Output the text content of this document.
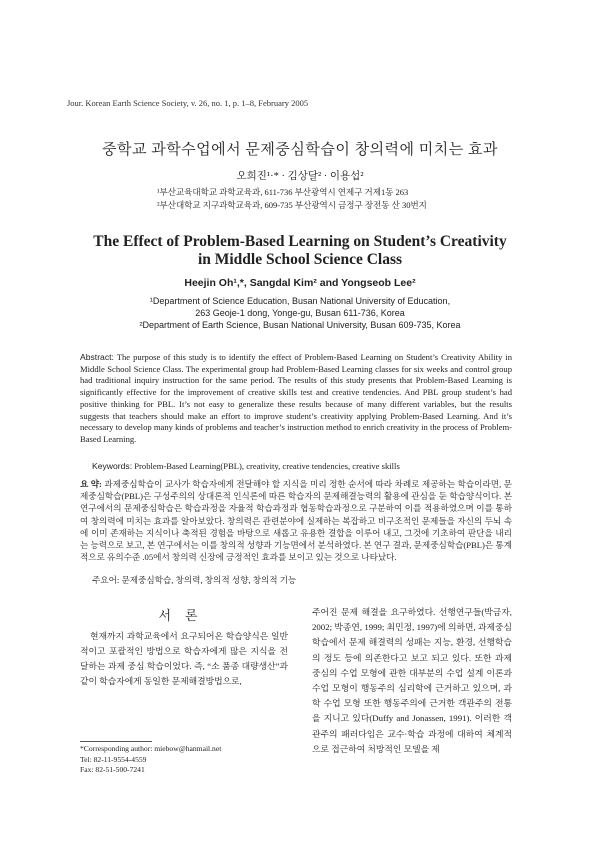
Jour. Korean Earth Science Society, v. 26, no. 1, p. 1–8, February 2005
중학교 과학수업에서 문제중심학습이 창의력에 미치는 효과
오희진¹·* · 김상달² · 이용섭²
¹부산교육대학교 과학교육과, 611-736 부산광역시 연제구 거제1동 263
²부산대학교 지구과학교육과, 609-735 부산광역시 금정구 장전동 산 30번지
The Effect of Problem-Based Learning on Student’s Creativity
in Middle School Science Class
Heejin Oh¹,*, Sangdal Kim² and Yongseob Lee²
¹Department of Science Education, Busan National University of Education,
263 Geoje-1 dong, Yonge-gu, Busan 611-736, Korea
²Department of Earth Science, Busan National University, Busan 609-735, Korea
Abstract: The purpose of this study is to identify the effect of Problem-Based Learning on Student’s Creativity Ability in Middle School Science Class. The experimental group had Problem-Based Learning classes for six weeks and control group had traditional inquiry instruction for the same period. The results of this study presents that Problem-Based Learning is significantly effective for the improvement of creative skills test and creative tendencies. And PBL group student’s had positive thinking for PBL. It’s not easy to generalize these results because of many different variables, but the results suggests that teachers should make an effort to improve student’s creativity applying Problem-Based Learning. And it’s necessary to develop many kinds of problems and teacher’s instruction method to enrich creativity in the process of Problem-Based Learning.
Keywords: Problem-Based Learning(PBL), creativity, creative tendencies, creative skills
요 약: 과제중심학습이 교사가 학습자에게 전달해야 할 지식을 미리 정한 순서에 따라 차례로 제공하는 학습이라면, 문제중심학습(PBL)은 구성주의의 상대론적 인식론에 따른 학습자의 문제해결능력의 활용에 관심을 둔 학습양식이다. 본 연구에서의 문제중심학습은 학습과정을 자율적 학습과정과 협동학습과정으로 구분하여 이를 적용하였으며 이를 통하여 창의력에 미치는 효과를 알아보았다. 창의력은 관련분야에 실제하는 복잡하고 비구조적인 문제들을 자신의 두뇌 속에 이미 존재하는 지식이나 축적된 경험을 바탕으로 새롭고 유용한 결합을 이루어 내고, 그것에 기초하여 판단을 내리는 능력으로 보고, 본 연구에서는 이를 창의적 성향과 기능면에서 분석하였다. 본 연구 결과, 문제중심학습(PBL)은 통계적으로 유의수준 .05에서 창의력 신장에 긍정적인 효과를 보이고 있는 것으로 나타났다.
주요어: 문제중심학습, 창의력, 창의적 성향, 창의적 기능
서론
현재까지 과학교육에서 요구되어온 학습양식은 일반적이고 포괄적인 방법으로 학습자에게 많은 지식을 전달하는 과제 중심 학습이었다. 즉, “소 품종 대량생산”과 같이 학습자에게 동일한 문제해결방법으로,
*Corresponding author: miebow@hanmail.net
Tel: 82-11-9554-4559
Fax: 82-51-500-7241
주어진 문제 해결을 요구하였다. 선행연구들(박금자, 2002; 박종연, 1999; 최민정, 1997)에 의하면, 과제중심 학습에서 문제 해결력의 성패는 지능, 환경, 선행학습의 정도 등에 의존한다고 보고 되고 있다. 또한 과제 중심의 수업 모형에 관한 대부분의 수업 설계 이론과 수업 모형이 행동주의 심리학에 근거하고 있으며, 과학 수업 모형 또한 행동주의에 근거한 객관주의 전통을 지니고 있다(Duffy and Jonassen, 1991). 이러한 객관주의 패러다임은 교수·학습 과정에 대하여 체계적으로 접근하여 처방적인 모델을 제
